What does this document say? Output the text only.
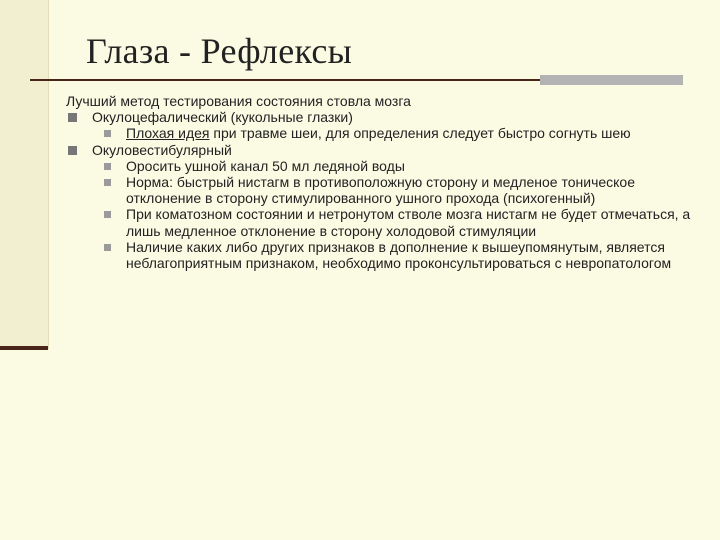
Глаза - Рефлексы

Лучший метод тестирования состояния стовла мозга

Окулоцефалический (кукольные глазки)

Плохая идея при травме шеи, для определения следует быстро согнуть шею

Окуловестибулярный

Оросить ушной канал 50 мл ледяной воды

Норма: быстрый нистагм в противоположную сторону и медленое тоническое отклонение в сторону стимулированного ушного прохода (психогенный)

При коматозном состоянии и нетронутом стволе мозга нистагм не будет отмечаться, а лишь медленное отклонение в сторону холодовой стимуляции

Наличие каких либо других признаков в дополнение к вышеупомянутым, является неблагоприятным признаком, необходимо проконсультироваться с невропатологом
